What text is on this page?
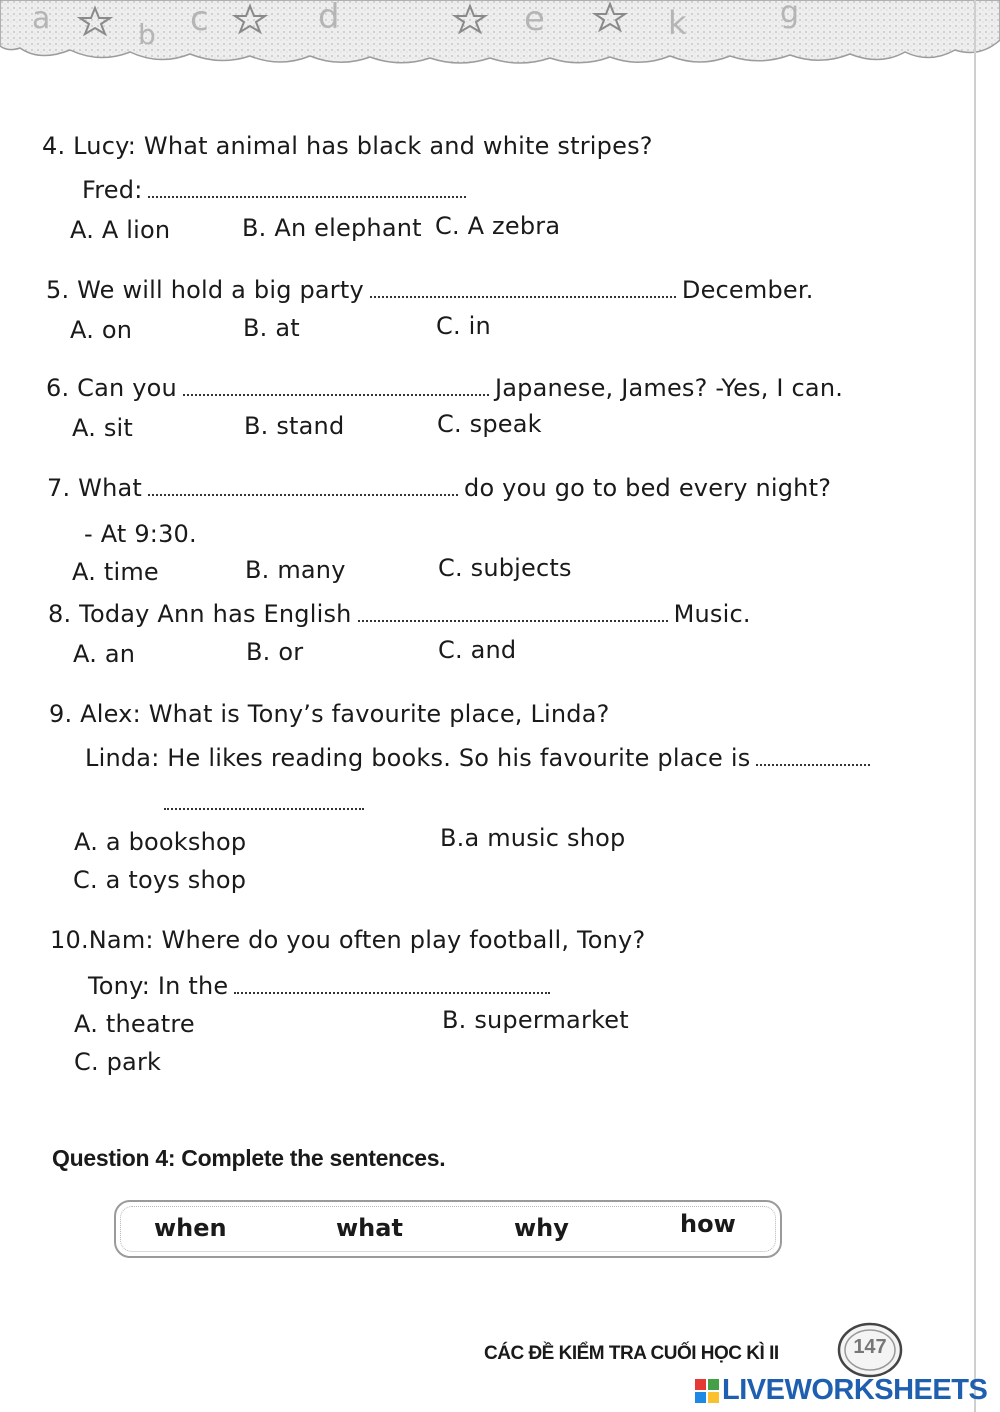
a	b c	d	e	k	g
4. Lucy: What animal has black and white stripes?
Fred:
A. A lion	B. An elephant C. A zebra
5. We will hold a big party	December.
A. on	B. at	C. in
6. Can you	Japanese, James? -Yes, I can.
A. sit	B. stand	C. speak
7. What	do you go to bed every night?
- At 9:30.
A. time	B. many	C. subjects
8. Today Ann has English	Music.
A. an	B. or	C. and
9. Alex: What is Tony’s favourite place, Linda?
Linda: He likes reading books. So his favourite place is
A. a bookshop	B.a music shop
C. a toys shop
10.Nam: Where do you often play football, Tony?
Tony: In the
A. theatre	B. supermarket
C. park
Question 4: Complete the sentences.
when	what	why	how
CÁC ĐỀ KIỂM TRA CUỐI HỌC KÌ II	147
LIVEWORKSHEETS
